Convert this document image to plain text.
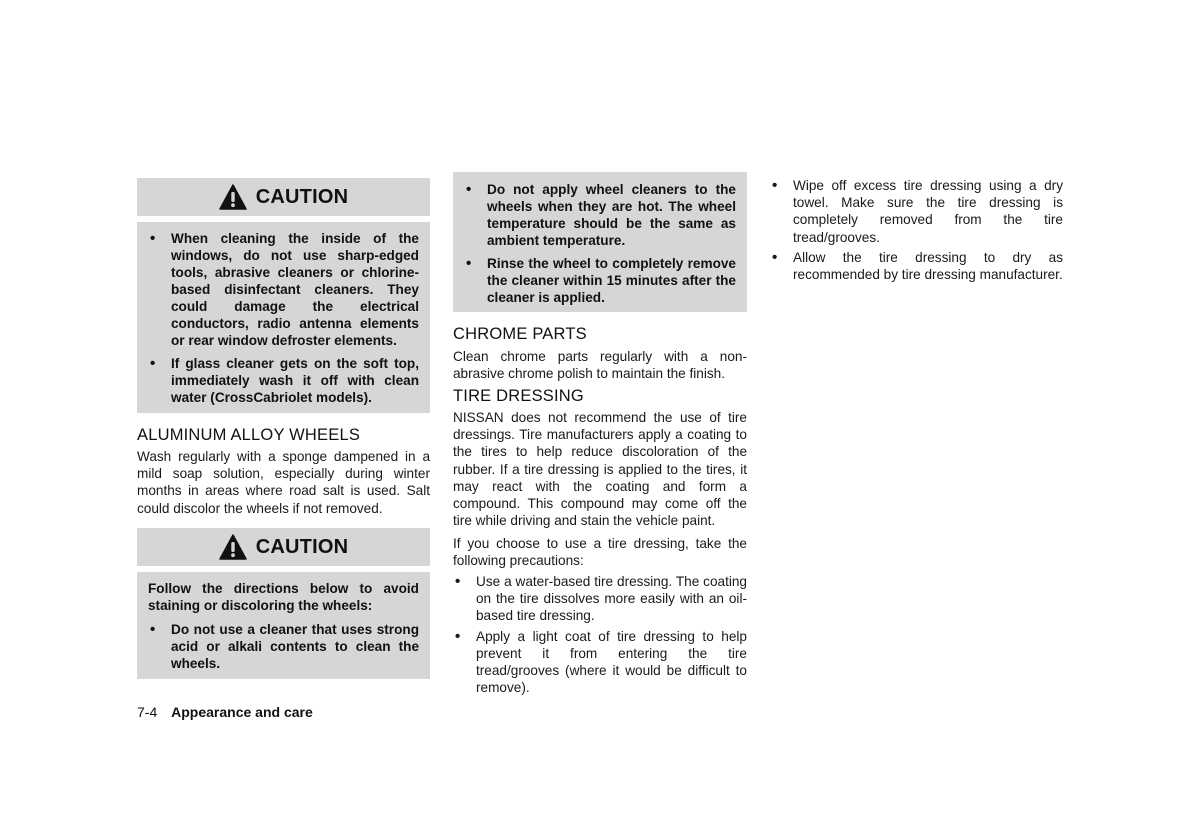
CAUTION
• When cleaning the inside of the windows, do not use sharp-edged tools, abrasive cleaners or chlorine-based disinfectant cleaners. They could damage the electrical conductors, radio antenna elements or rear window defroster elements.
• If glass cleaner gets on the soft top, immediately wash it off with clean water (CrossCabriolet models).
ALUMINUM ALLOY WHEELS

Wash regularly with a sponge dampened in a mild soap solution, especially during winter months in areas where road salt is used. Salt could discolor the wheels if not removed.

CAUTION

Follow the directions below to avoid staining or discoloring the wheels:

• Do not use a cleaner that uses strong acid or alkali contents to clean the wheels.
• Do not apply wheel cleaners to the wheels when they are hot. The wheel temperature should be the same as ambient temperature.
• Rinse the wheel to completely remove the cleaner within 15 minutes after the cleaner is applied.
CHROME PARTS

Clean chrome parts regularly with a non-abrasive chrome polish to maintain the finish.

TIRE DRESSING

NISSAN does not recommend the use of tire dressings. Tire manufacturers apply a coating to the tires to help reduce discoloration of the rubber. If a tire dressing is applied to the tires, it may react with the coating and form a compound. This compound may come off the tire while driving and stain the vehicle paint.

If you choose to use a tire dressing, take the following precautions:

• Use a water-based tire dressing. The coating on the tire dissolves more easily with an oil-based tire dressing.
• Apply a light coat of tire dressing to help prevent it from entering the tire tread/grooves (where it would be difficult to remove).
• Wipe off excess tire dressing using a dry towel. Make sure the tire dressing is completely removed from the tire tread/grooves.
• Allow the tire dressing to dry as recommended by tire dressing manufacturer.
7-4 Appearance and care
